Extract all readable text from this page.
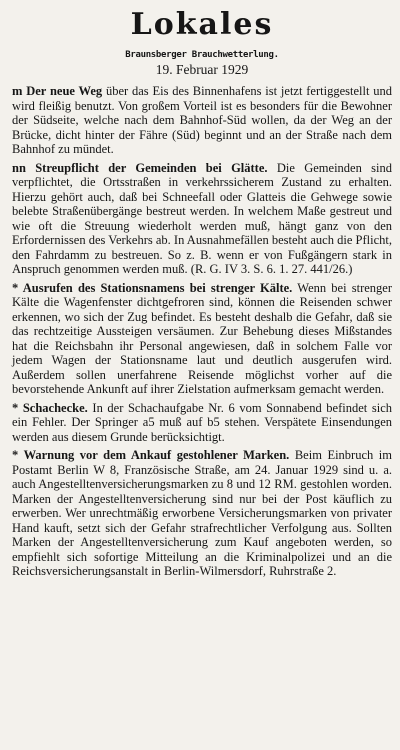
Lokales
Braunsberger Brauchwetterlung.
19. Februar 1929

m Der neue Weg über das Eis des Binnenhafens ist jetzt fertiggestellt und wird fleißig benutzt. Von großem Vorteil ist es besonders für die Bewohner der Südseite, welche nach dem Bahnhof-Süd wollen, da der Weg an der Brücke, dicht hinter der Fähre (Süd) beginnt und an der Straße nach dem Bahnhof zu mündet.

nn Streupflicht der Gemeinden bei Glätte. Die Gemeinden sind verpflichtet, die Ortsstraßen in verkehrssicherem Zustand zu erhalten. Hierzu gehört auch, daß bei Schneefall oder Glatteis die Gehwege sowie belebte Straßenübergänge bestreut werden. In welchem Maße gestreut und wie oft die Streuung wiederholt werden muß, hängt ganz von den Erfordernissen des Verkehrs ab. In Ausnahmefällen besteht auch die Pflicht, den Fahrdamm zu bestreuen. So z. B. wenn er von Fußgängern stark in Anspruch genommen werden muß. (R. G. IV 3. S. 6. 1. 27. 441/26.)

* Ausrufen des Stationsnamens bei strenger Kälte. Wenn bei strenger Kälte die Wagenfenster dichtgefroren sind, können die Reisenden schwer erkennen, wo sich der Zug befindet. Es besteht deshalb die Gefahr, daß sie das rechtzeitige Aussteigen versäumen. Zur Behebung dieses Mißstandes hat die Reichsbahn ihr Personal angewiesen, daß in solchem Falle vor jedem Wagen der Stationsname laut und deutlich ausgerufen wird. Außerdem sollen unerfahrene Reisende möglichst vorher auf die bevorstehende Ankunft auf ihrer Zielstation aufmerksam gemacht werden.

* Schachecke. In der Schachaufgabe Nr. 6 vom Sonnabend befindet sich ein Fehler. Der Springer a5 muß auf b5 stehen. Verspätete Einsendungen werden aus diesem Grunde berücksichtigt.

* Warnung vor dem Ankauf gestohlener Marken. Beim Einbruch im Postamt Berlin W 8, Französische Straße, am 24. Januar 1929 sind u. a. auch Angestelltenversicherungsmarken zu 8 und 12 RM. gestohlen worden. Marken der Angestelltenversicherung sind nur bei der Post käuflich zu erwerben. Wer unrechtmäßig erworbene Versicherungsmarken von privater Hand kauft, setzt sich der Gefahr strafrechtlicher Verfolgung aus. Sollten Marken der Angestelltenversicherung zum Kauf angeboten werden, so empfiehlt sich sofortige Mitteilung an die Kriminalpolizei und an die Reichsversicherungsanstalt in Berlin-Wilmersdorf, Ruhrstraße 2.
